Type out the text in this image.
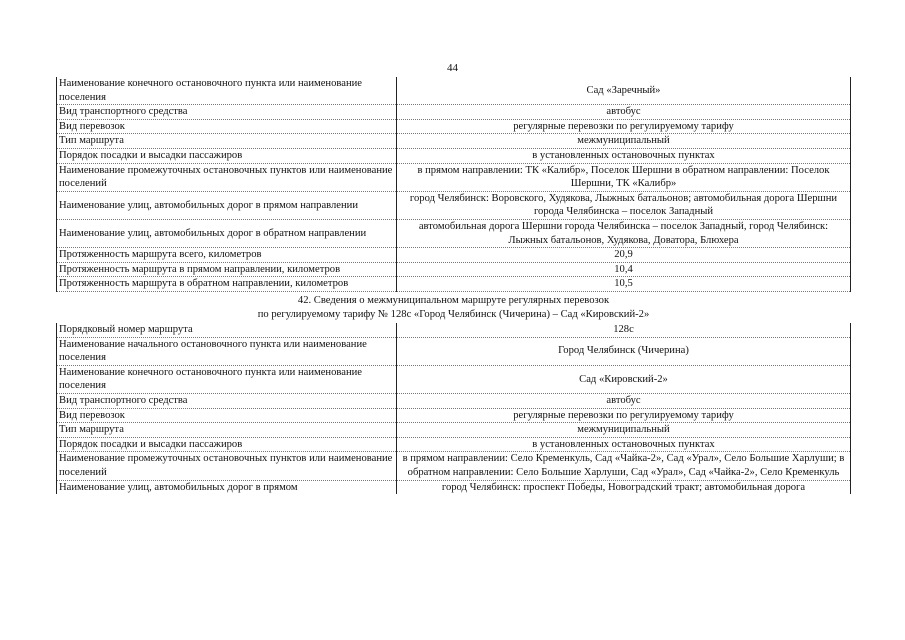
44
Наименование конечного остановочного пункта или наименование поселения	Сад «Заречный»
Вид транспортного средства	автобус
Вид перевозок	регулярные перевозки по регулируемому тарифу
Тип маршрута	межмуниципальный
Порядок посадки и высадки пассажиров	в установленных остановочных пунктах
Наименование промежуточных остановочных пунктов или наименование поселений	в прямом направлении: ТК «Калибр», Поселок Шершни в обратном направлении: Поселок Шершни, ТК «Калибр»
Наименование улиц, автомобильных дорог в прямом направлении	город Челябинск: Воровского, Худякова, Лыжных батальонов; автомобильная дорога Шершни города Челябинска – поселок Западный
Наименование улиц, автомобильных дорог в обратном направлении	автомобильная дорога Шершни города Челябинска – поселок Западный, город Челябинск: Лыжных батальонов, Худякова, Доватора, Блюхера
Протяженность маршрута всего, километров	20,9
Протяженность маршрута в прямом направлении, километров	10,4
Протяженность маршрута в обратном направлении, километров	10,5

42. Сведения о межмуниципальном маршруте регулярных перевозок
по регулируемому тарифу № 128с «Город Челябинск (Чичерина) – Сад «Кировский-2»	

Порядковый номер маршрута	128с
Наименование начального остановочного пункта или наименование поселения	Город Челябинск (Чичерина)
Наименование конечного остановочного пункта или наименование поселения	Сад «Кировский-2»
Вид транспортного средства	автобус
Вид перевозок	регулярные перевозки по регулируемому тарифу
Тип маршрута	межмуниципальный
Порядок посадки и высадки пассажиров	в установленных остановочных пунктах
Наименование промежуточных остановочных пунктов или наименование поселений	в прямом направлении: Село Кременкуль, Сад «Чайка-2», Сад «Урал», Село Большие Харлуши; в обратном направлении: Село Большие Харлуши, Сад «Урал», Сад «Чайка-2», Село Кременкуль
Наименование улиц, автомобильных дорог в прямом	город Челябинск: проспект Победы, Новоградский тракт; автомобильная дорога
